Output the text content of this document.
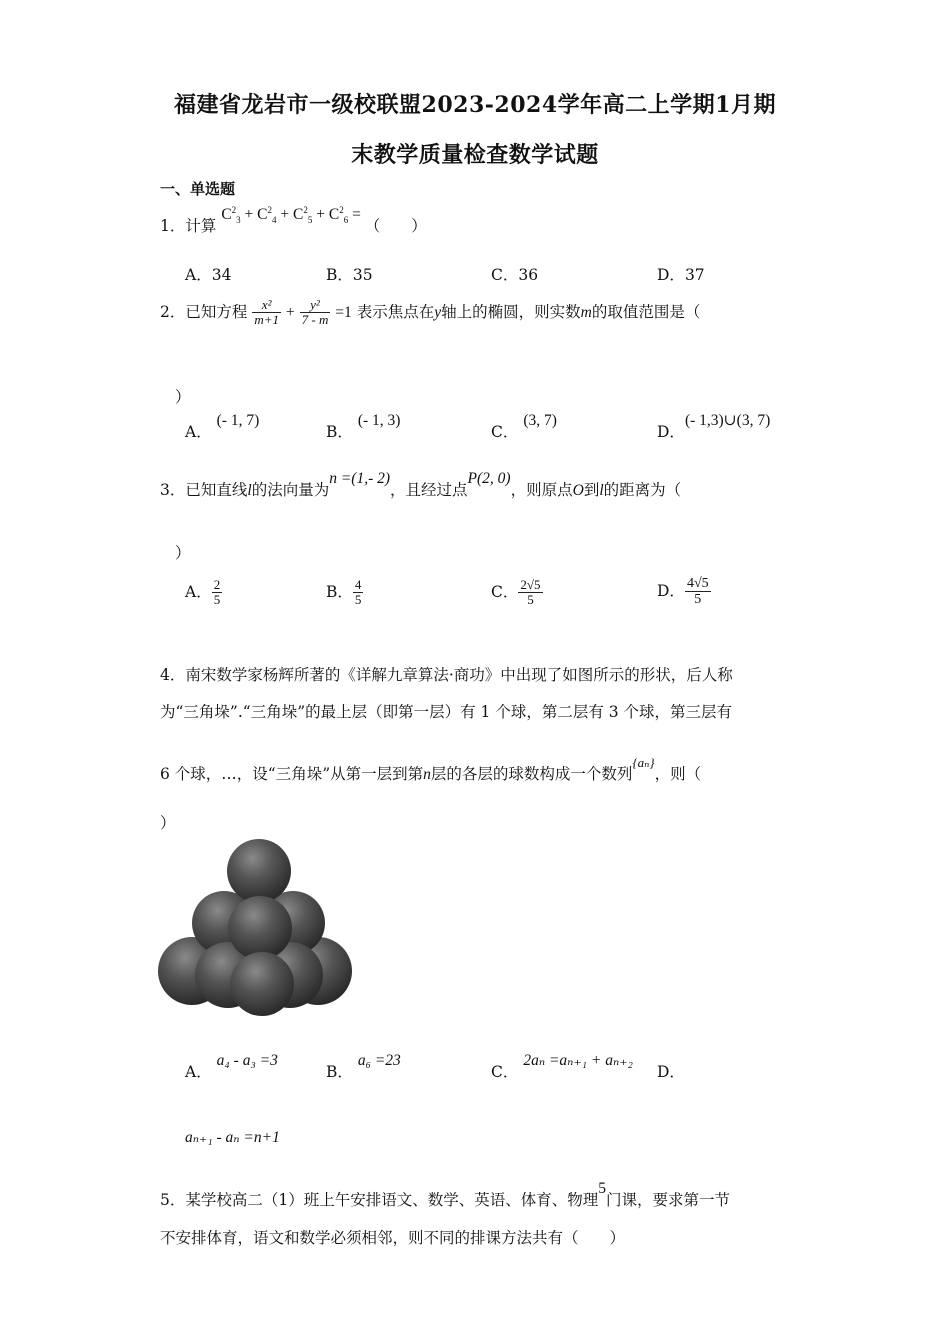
福建省龙岩市一级校联盟2023-2024学年高二上学期1月期
末教学质量检查数学试题
一、单选题
1．计算 $C^2_3 + C^2_4 + C^2_5 + C^2_6$ = （　　）
A．34	B．35	C．36	D．37
2．已知方程 $\frac{\text{x²}}{m+1} + \frac{\text{y²}}{7 - m} =1$ 表示焦点在y轴上的椭圆，则实数m的取值范围是（
）
A． (- 1, 7)
B． (- 1, 3)
C． (3, 7)
D．(- 1,3)∪(3, 7)
3．已知直线l的法向量为n =(1,- 2)，且经过点P(2, 0)，则原点O到l的距离为（
）
A． $\frac{2}{5}$	B． $\frac{4}{5}$	C． $\frac{2√5}{5}$	D． $\frac{4√5}{5}$
4．南宋数学家杨辉所著的《详解九章算法·商功》中出现了如图所示的形状，后人称
为“三角垛”.“三角垛”的最上层（即第一层）有 1 个球，第二层有 3 个球，第三层有
6 个球，…，设“三角垛”从第一层到第n层的各层的球数构成一个数列$^{\{a_n\}}$，则（
）
A． a₄ - a₃ =3
B． a₆ =23
C． 2aₙ =aₙ₊₁ + aₙ₊₂
D．
aₙ₊₁ - aₙ =n+1
5．某学校高二（1）班上午安排语文、数学、英语、体育、物理5门课，要求第一节
不安排体育，语文和数学必须相邻，则不同的排课方法共有（　　）
